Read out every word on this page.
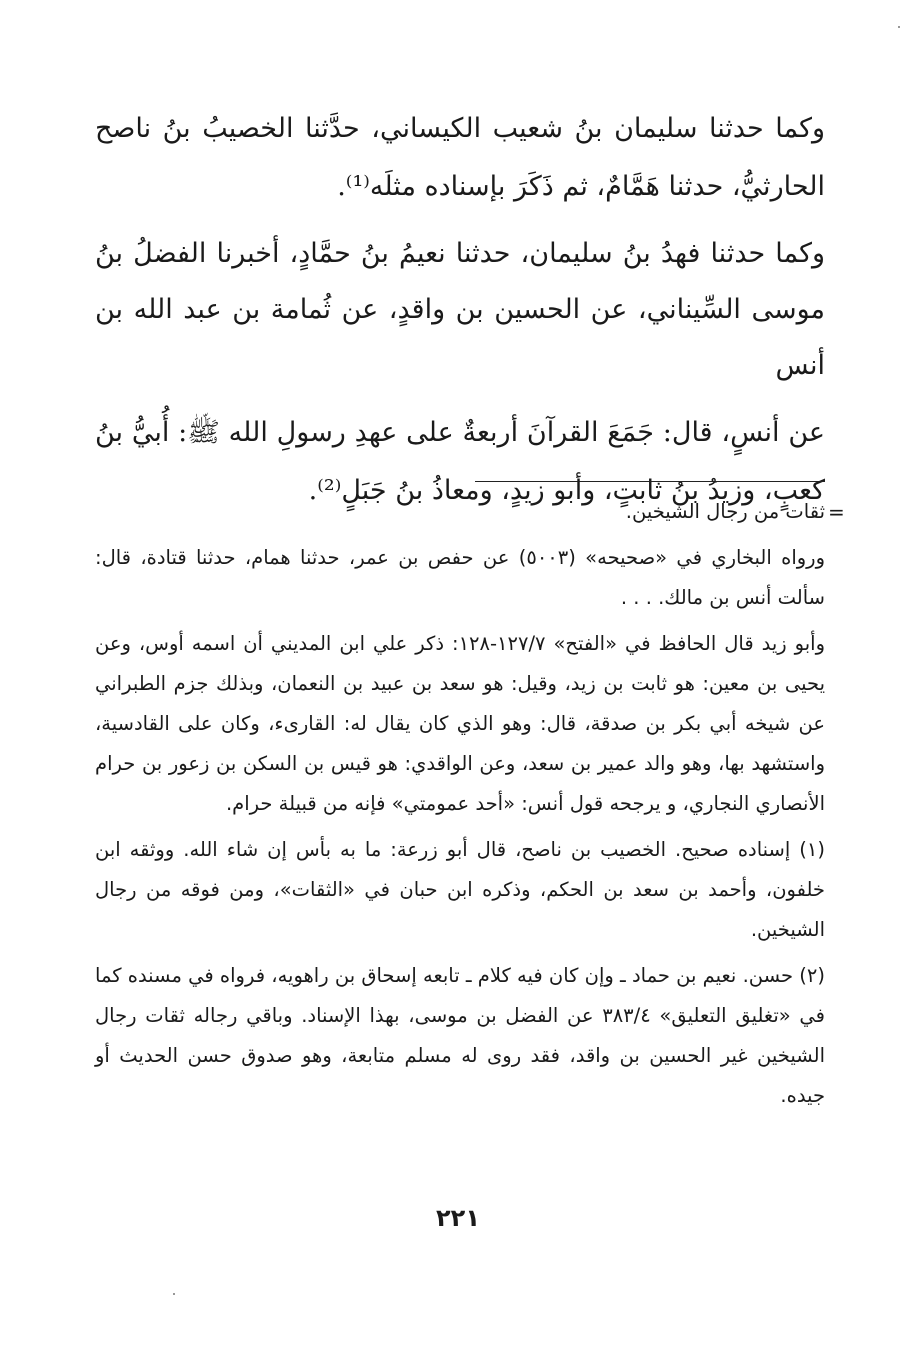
وكما حدثنا سليمان بنُ شعيب الكيساني، حدَّثنا الخصيبُ بنُ ناصح الحارثيُّ، حدثنا هَمَّامٌ، ثم ذَكَرَ بإسناده مثلَه⁽¹⁾.

وكما حدثنا فهدُ بنُ سليمان، حدثنا نعيمُ بنُ حمَّادٍ، أخبرنا الفضلُ بنُ موسى السِّيناني، عن الحسين بن واقدٍ، عن ثُمامة بن عبد الله بن أنس

عن أنسٍ، قال: جَمَعَ القرآنَ أربعةٌ على عهدِ رسولِ الله ﷺ: أُبيُّ بنُ كعبٍ، وزيدُ بنُ ثابتٍ، وأبو زيدٍ، ومعاذُ بنُ جَبَلٍ⁽²⁾.

=

ثقات من رجال الشيخين.

ورواه البخاري في «صحيحه» (٥٠٠٣) عن حفص بن عمر، حدثنا همام، حدثنا قتادة، قال: سألت أنس بن مالك. . . .

وأبو زيد قال الحافظ في «الفتح» ١٢٧/٧-١٢٨: ذكر علي ابن المديني أن اسمه أوس، وعن يحيى بن معين: هو ثابت بن زيد، وقيل: هو سعد بن عبيد بن النعمان، وبذلك جزم الطبراني عن شيخه أبي بكر بن صدقة، قال: وهو الذي كان يقال له: القارىء، وكان على القادسية، واستشهد بها، وهو والد عمير بن سعد، وعن الواقدي: هو قيس بن السكن بن زعور بن حرام الأنصاري النجاري، و يرجحه قول أنس: «أحد عمومتي» فإنه من قبيلة حرام.

(١) إسناده صحيح. الخصيب بن ناصح، قال أبو زرعة: ما به بأس إن شاء الله. ووثقه ابن خلفون، وأحمد بن سعد بن الحكم، وذكره ابن حبان في «الثقات»، ومن فوقه من رجال الشيخين.

(٢) حسن. نعيم بن حماد ـ وإن كان فيه كلام ـ تابعه إسحاق بن راهويه، فرواه في مسنده كما في «تغليق التعليق» ٣٨٣/٤ عن الفضل بن موسى، بهذا الإسناد. وباقي رجاله ثقات رجال الشيخين غير الحسين بن واقد، فقد روى له مسلم متابعة، وهو صدوق حسن الحديث أو جيده.

٢٢١
